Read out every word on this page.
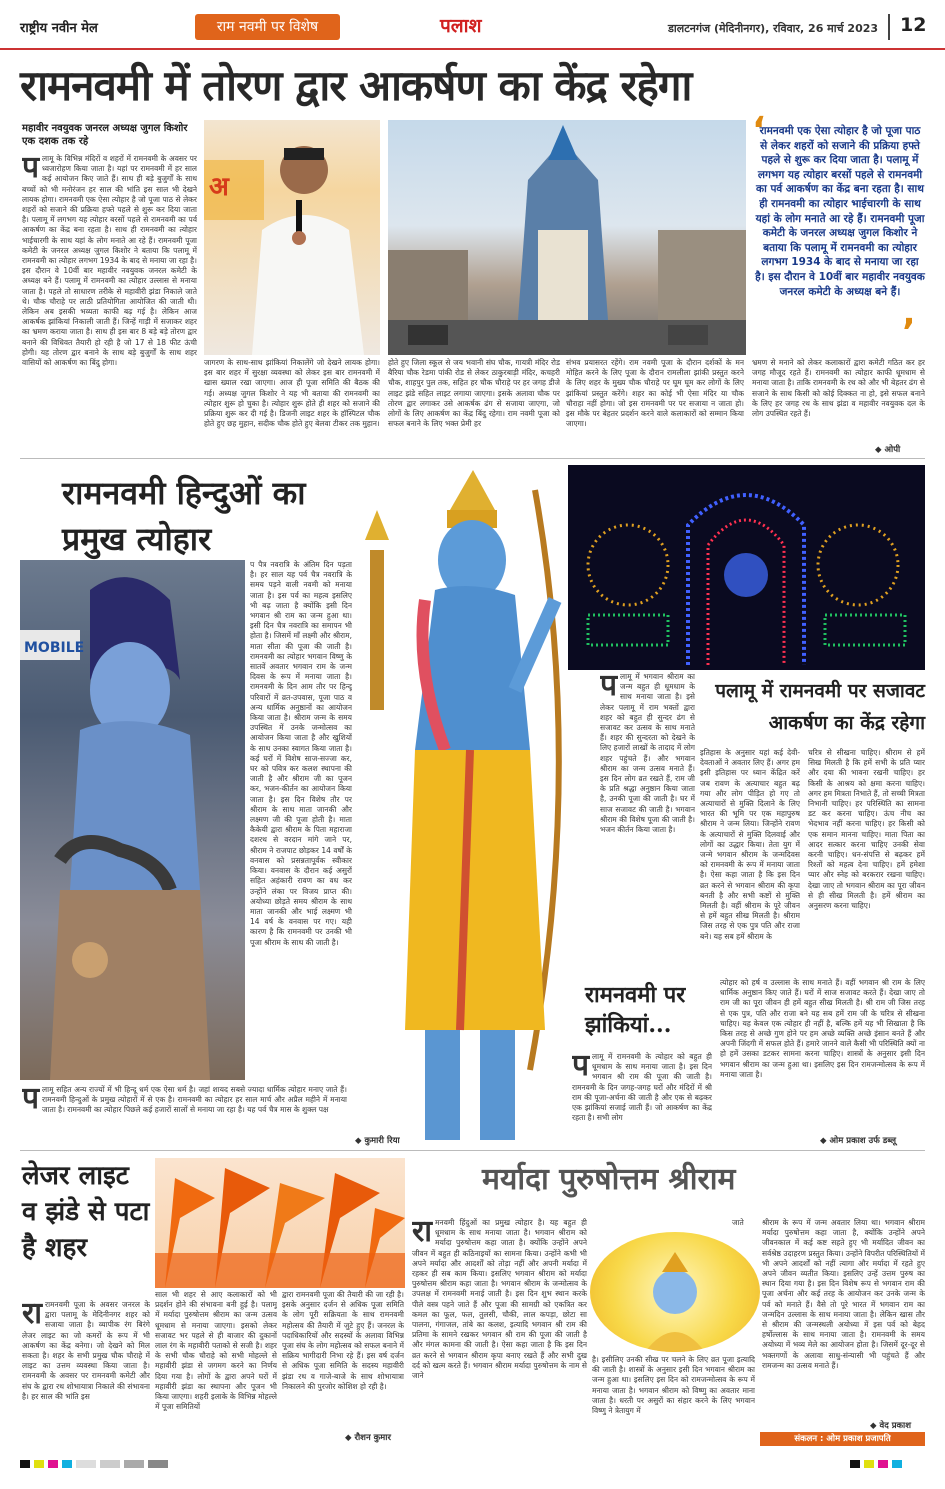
राष्ट्रीय नवीन मेल	राम नवमी पर विशेष	पलाश	डालटनगंज (मेदिनीनगर), रविवार, 26 मार्च 2023	12
रामनवमी में तोरण द्वार आकर्षण का केंद्र रहेगा
महावीर नवयुवक जनरल अध्यक्ष जुगल किशोर एक दशक तक रहे
पलामू के विभिन्न मंदिरों व शहरों में रामनवमी के अवसर पर ध्वजारोहण किया जाता है। यहां पर रामनवमी में हर साल कई आयोजन किए जाते हैं। साथ ही बड़े बुजुर्गों के साथ बच्चों को भी मनोरंजन हर साल की भांति इस साल भी देखने लायक होगा। रामनवमी एक ऐसा त्योहार है जो पूजा पाठ से लेकर शहरों को सजाने की प्रक्रिया हफ्ते पहले से शुरू कर दिया जाता है। पलामू में लगभग यह त्योहार बरसों पहले से रामनवमी का पर्व आकर्षण का केंद्र बना रहता है। साथ ही रामनवमी का त्योहार भाईचारगी के साथ यहां के लोग मनाते आ रहे हैं। रामनवमी पूजा कमेटी के जनरल अध्यक्ष जुगल किशोर ने बताया कि पलामू में रामनवमी का त्योहार लगभग 1934 के बाद से मनाया जा रहा है। इस दौरान वे 10वीं बार महावीर नवयुवक जनरल कमेटी के अध्यक्ष बने हैं। पलामू में रामनवमी का त्योहार उल्लास से मनाया जाता है। पहले तो साधारण तरीके से महावीरी झंडा निकाले जाते थे। चौक चौराहे पर लाठी प्रतियोगिता आयोजित की जाती थी। लेकिन अब इसकी भव्यता काफी बढ़ गई है। लेकिन आज आकर्षक झांकियां निकाली जाती हैं। जिन्हें गाड़ी में सजाकर शहर का भ्रमण कराया जाता है। साथ ही इस बार 8 बड़े बड़े तोरण द्वार बनाने की विधिवत तैयारी हो रही है जो 17 से 18 फीट ऊंची होगी। यह तोरण द्वार बनाने के साथ बड़े बुजुर्गों के साथ शहर वासियों को आकर्षण का बिंदु होगा।
अ
जागरण के साथ-साथ झांकियां निकालेंगे जो देखने लायक होगा। इस बार शहर में सुरक्षा व्यवस्था को लेकर इस बार रामनवमी में खास ख्याल रखा जाएगा। आज ही पूजा समिति की बैठक की गई। अध्यक्ष जुगल किशोर ने यह भी बताया की रामनवमी का त्योहार शुरू हो चुका है। त्योहार शुरू होते ही शहर को सजाने की प्रक्रिया शुरू कर दी गई है। डिजनी लाइट शहर के हॉस्पिटल चौक होते हुए छह मुहान, सदीक चौक होते हुए बेलवा टीकर तक मुहान।
होते हुए जिला स्कूल से जय भवानी संघ चौक, गायत्री मंदिर रोड बैरिया चौक रेडमा पांकी रोड से लेकर ठाकुरबाड़ी मंदिर, कचहरी चौक, शाहपुर पुल तक, सहित हर चौक चौराहे पर हर जगह डीजे लाइट झंडे सहित लाइट लगाया जाएगा। इसके अलावा चौक पर तोरण द्वार लगाकर उसे आकर्षक ढंग से सजाया जाएगा, जो लोगों के लिए आकर्षण का केंद्र बिंदु रहेगा। राम नवमी पूजा को सफल बनाने के लिए भक्त प्रेमी हर
संभव प्रयासरत रहेंगे। राम नवमी पूजा के दौरान दर्शकों के मन मोहित करने के लिए पूजा के दौरान रामलीला झांकी प्रस्तुत करने के लिए शहर के मुख्य चौक चौराहे पर घूम घूम कर लोगों के लिए झांकियां प्रस्तुत करेंगे। शहर का कोई भी ऐसा मंदिर या चौक चौराहा नहीं होगा। जो इस रामनवमी पर पर सजाया न जाता हो। इस मौके पर बेहतर प्रदर्शन करने वाले कलाकारों को सम्मान किया जाएगा।
‘
रामनवमी एक ऐसा त्योहार है जो पूजा पाठ से लेकर शहरों को सजाने की प्रक्रिया हफ्ते पहले से शुरू कर दिया जाता है। पलामू में लगभग यह त्योहार बरसों पहले से रामनवमी का पर्व आकर्षण का केंद्र बना रहता है। साथ ही रामनवमी का त्योहार भाईचारगी के साथ यहां के लोग मनाते आ रहे हैं। रामनवमी पूजा कमेटी के जनरल अध्यक्ष जुगल किशोर ने बताया कि पलामू में रामनवमी का त्योहार लगभग 1934 के बाद से मनाया जा रहा है। इस दौरान वे 10वीं बार महावीर नवयुवक जनरल कमेटी के अध्यक्ष बने हैं।
’
भ्रमण से मनाने को लेकर कलाकारों द्वारा कमेटी गठित कर हर जगह मौजूद रहते हैं। रामनवमी का त्योहार काफी धूमधाम से मनाया जाता है। ताकि रामनवमी के रथ को और भी बेहतर ढंग से सजाने के साथ किसी को कोई दिक्कत ना हो, इसे सफल बनाने के लिए हर जगह रथ के साथ झंडा व महावीर नवयुवक दल के लोग उपस्थित रहते हैं।
◆ ओपी
रामनवमी हिन्दुओं का प्रमुख त्योहार
MOBILE
प पैत्र नवरात्रि के अंतिम दिन पड़ता है। हर साल यह पर्व चैत्र नवरात्रि के समय पड़ने वाली नवमी को मनाया जाता है। इस पर्व का महत्व इसलिए भी बढ़ जाता है क्योंकि इसी दिन भगवान श्री राम का जन्म हुआ था। इसी दिन चैत्र नवरात्रि का समापन भी होता है। जिसमें माँ लक्ष्मी और श्रीराम, माता सीता की पूजा की जाती है। रामनवमी का त्योहार भगवान विष्णु के सातवें अवतार भगवान राम के जन्म दिवस के रूप में मनाया जाता है। रामनवमी के दिन आम तौर पर हिन्दू परिवारों में व्रत-उपवास, पूजा पाठ व अन्य धार्मिक अनुष्ठानों का आयोजन किया जाता है। श्रीराम जन्म के समय उपस्थित में उनके जन्मोत्सव का आयोजन किया जाता है और खुशियों के साथ उनका स्वागत किया जाता है। कई घरों में विशेष साज-सज्जा कर, घर को पवित्र कर कलश स्थापना की जाती है और श्रीराम जी का पूजन कर, भजन-कीर्तन का आयोजन किया जाता है। इस दिन विशेष तौर पर श्रीराम के साथ माता जानकी और लक्ष्मण जी की पूजा होती है। माता कैकेयी द्वारा श्रीराम के पिता महाराजा दशरथ से वरदान मांगे जाने पर, श्रीराम ने राजपाट छोड़कर 14 वर्षों के वनवास को प्रसन्नतापूर्वक स्वीकार किया। वनवास के दौरान कई असुरों सहित अहंकारी रावण का वध कर उन्होंने लंका पर विजय प्राप्त की। अयोध्या छोड़ते समय श्रीराम के साथ माता जानकी और भाई लक्ष्मण भी 14 वर्ष के वनवास पर गए। यही कारण है कि रामनवमी पर उनकी भी पूजा श्रीराम के साथ की जाती है।
पलामू में रामनवमी पर सजावट आकर्षण का केंद्र रहेगा
पलामू में भगवान श्रीराम का जन्म बहुत ही धूमधाम के साथ मनाया जाता है। इसे लेकर पलामू में राम भक्तों द्वारा शहर को बहुत ही सुन्दर ढंग से सजावट कर उत्सव के साथ मनाते हैं। शहर की सुन्दरता को देखने के लिए हजारों लाखों के तादाद में लोग शहर पहुंचते हैं। और भगवान श्रीराम का जन्म उत्सव मनाते हैं। इस दिन लोग व्रत रखते हैं, राम जी के प्रति श्रद्धा अनुष्ठान किया जाता है, उनकी पूजा की जाती है। घर में साज सजावट की जाती है। भगवान श्रीराम की विशेष पूजा की जाती है। भजन कीर्तन किया जाता है।
इतिहास के अनुसार यहां कई देवी-देवताओं ने अवतार लिए हैं। अगर हम इसी इतिहास पर ध्यान केंद्रित करें जब रावण के अत्याचार बहुत बढ़ गया और लोग पीड़ित हो गए तो अत्याचारों से मुक्ति दिलाने के लिए भारत की भूमि पर एक महापुरुष श्रीराम ने जन्म लिया। जिन्होंने रावण के अत्याचारों से मुक्ति दिलवाई और लोगों का उद्धार किया। तेता युग में जन्मे भगवान श्रीराम के जन्मदिवस को रामनवमी के रूप में मनाया जाता है। ऐसा कहा जाता है कि इस दिन व्रत करने से भगवान श्रीराम की कृपा बनती है और सभी कष्टों से मुक्ति मिलती है। वहीं श्रीराम के पूरे जीवन से हमें बहुत सीख मिलती है। श्रीराम जिस तरह से एक पुत्र पति और राजा बने। यह सब हमें श्रीराम के
चरित्र से सीखना चाहिए। श्रीराम से हमें सिख मिलती है कि हमें सभी के प्रति प्यार और दया की भावना रखनी चाहिए। हर किसी के आश्रय को क्षमा करना चाहिए। अगर हम मित्रता निभाते हैं, तो सच्ची मित्रता निभानी चाहिए। हर परिस्थिति का सामना डट कर करना चाहिए। ऊंच नीच का भेदभाव नहीं करना चाहिए। हर किसी को एक समान मानना चाहिए। माता पिता का आदर सत्कार करना चाहिए उनकी सेवा करनी चाहिए। धन-संपत्ति से बढ़कर हमें रिश्तों को महत्व देना चाहिए। हमें हमेशा प्यार और स्नेह को बरकरार रखना चाहिए। देखा जाए तो भगवान श्रीराम का पूरा जीवन से ही सीख मिलती है। हमें श्रीराम का अनुसरण करना चाहिए।
रामनवमी पर झांकियां...
पलामू में रामनवमी के त्योहार को बहुत ही धूमधाम के साथ मनाया जाता है। इस दिन भगवान श्री राम की पूजा की जाती है। रामनवमी के दिन जगह-जगह घरों और मंदिरों में श्री राम की पूजा-अर्चना की जाती है और एक से बढ़कर एक झांकियां सजाई जाती हैं। जो आकर्षण का केंद्र रहता है। सभी लोग
त्योहार को हर्ष व उल्लास के साथ मनाते हैं। वहीं भगवान श्री राम के लिए धार्मिक अनुष्ठान किए जाते हैं। घरों में साज सजावट करते हैं। देखा जाए तो राम जी का पूरा जीवन ही हमें बहुत सीख मिलती है। श्री राम जी जिस तरह से एक पुत्र, पति और राजा बने यह सब हमें राम जी के चरित्र से सीखना चाहिए। यह केवल एक त्योहार ही नहीं है, बल्कि हमें यह भी सिखाता है कि किस तरह से अच्छे गुण होने पर हम अच्छे व्यक्ति अच्छे इंसान बनते हैं और अपनी जिंदगी में सफल होते हैं। हमारे जानने वाले कैसी भी परिस्थिति क्यों ना हो हमें उसका डटकर सामना करना चाहिए। शास्त्रों के अनुसार इसी दिन भगवान श्रीराम का जन्म हुआ था। इसलिए इस दिन रामजन्मोत्सव के रूप में मनाया जाता है।
◆ ओम प्रकाश उर्फ डब्लू
पलामू सहित अन्य राज्यों में भी हिन्दू धर्म एक ऐसा धर्म है। जहां शायद सबसे ज्यादा धार्मिक त्योहार मनाए जाते हैं। रामनवमी हिन्दुओं के प्रमुख त्योहारों में से एक है। रामनवमी का त्योहार हर साल मार्च और अप्रैल महीने में मनाया जाता है। रामनवमी का त्योहार पिछले कई हजारों सालों से मनाया जा रहा है। यह पर्व चैत्र मास के शुक्ल पक्ष
◆ कुमारी रिया
लेजर लाइट व झंडे से पटा है शहर
रारामनवमी पूजा के अवसर जनरल के द्वारा पलामू के मेदिनीनगर शहर को सजाया जाता है। व्यापीक रंग बिरंगे लेजर लाइट का जो कमरों के रूप में भी आकर्षण का केंद्र बनेगा। जो देखने को मिल सकता है। शहर के सभी प्रमुख चौक चौराहे में लाइट का उत्तम व्यवस्था किया जाता है। रामनवमी के अवसर पर रामनवमी कमेटी और संघ के द्वारा रथ शोभायात्रा निकाले की संभावना है। हर साल की भांति इस
साल भी शहर से आए कलाकारों को भी प्रदर्शन होने की संभावना बनी हुई है। पलामू में मर्यादा पुरुषोत्तम श्रीराम का जन्म उत्सव धूमधाम से मनाया जाएगा। इसको लेकर सजावट भर पहले से ही बाजार की दुकानों लाल रंग के महावीरी पताको से सजी है। शहर के सभी चौक चौराहे को सभी मोहल्ले से महावीरी झंडा से जगमग करने का निर्णय दिया गया है। लोगों के द्वारा अपने घरों में महावीरी झंडा का स्थापना और पूजन भी किया जाएगा। शहरी इलाके के विभिन्न मोहल्ले में पूजा समितियों
द्वारा रामनवमी पूजा की तैयारी की जा रही है। इसके अनुसार दर्जन से अधिक पूजा समिति के लोग पूरी सक्रियता के साथ रामनवमी महोत्सव की तैयारी में जुटे हुए हैं। जनरल के पदाधिकारियों और सदस्यों के अलावा विभिन्न पूजा संघ के लोग महोत्सव को सफल बनाने में सक्रिय भागीदारी निभा रहे हैं। इस वर्ष दर्जन से अधिक पूजा समिति के सदस्य महावीरी झंडा रथ व गाजे-बाजे के साथ शोभायात्रा निकालने की पुरजोर कोशिश हो रही है।
◆ रौशन कुमार
मर्यादा पुरुषोत्तम श्रीराम
रामनवमी हिंदुओं का प्रमुख त्योहार है। यह बहुत ही धूमधाम के साथ मनाया जाता है। भगवान श्रीराम को मर्यादा पुरुषोत्तम कहा जाता है। क्योंकि उन्होंने अपने जीवन में बहुत ही कठिनाइयों का सामना किया। उन्होंने कभी भी अपने मर्यादा और आदर्शों को तोड़ा नहीं और अपनी मर्यादा में रहकर ही सब काम किया। इसलिए भगवान श्रीराम को मर्यादा पुरुषोत्तम श्रीराम कहा जाता है। भगवान श्रीराम के जन्मोत्सव के उपलक्ष में रामनवमी मनाई जाती है। इस दिन शुभ स्थान करके पीले वस्त्र पहने जाते हैं और पूजा की सामग्री को एकत्रित कर कमल का फूल, फल, तुलसी, चौकी, लाल कपड़ा, छोटा सा पालना, गंगाजल, तांबे का कलश, इत्यादि भगवान श्री राम की प्रतिमा के सामने रखकर भगवान श्री राम की पूजा की जाती है और मंगल कामना की जाती है। ऐसा कहा जाता है कि इस दिन व्रत करने से भगवान श्रीराम कृपा बनाए रखते हैं और सभी दुख दर्द को खत्म करते हैं। भगवान श्रीराम मर्यादा पुरुषोत्तम के नाम से जाने
जाते
है। इसीलिए उनकी सीख पर चलने के लिए व्रत पूजा इत्यादि की जाती है। शास्त्रों के अनुसार इसी दिन भगवान श्रीराम का जन्म हुआ था। इसलिए इस दिन को रामजन्मोत्सव के रूप में मनाया जाता है। भगवान श्रीराम को विष्णु का अवतार माना जाता है। धरती पर असुरों का संहार करने के लिए भगवान विष्णु ने त्रेतायुग में
श्रीराम के रूप में जन्म अवतार लिया था। भगवान श्रीराम मर्यादा पुरुषोत्तम कहा जाता है, क्योंकि उन्होंने अपने जीवनकाल में कई कष्ट सहते हुए भी मर्यादित जीवन का सर्वश्रेष्ठ उदाहरण प्रस्तुत किया। उन्होंने विपरीत परिस्थितियों में भी अपने आदर्शों को नहीं त्यागा और मर्यादा में रहते हुए अपने जीवन व्यतीत किया। इसलिए उन्हें उत्तम पुरुष का स्थान दिया गया है। इस दिन विशेष रूप से भगवान राम की पूजा अर्चना और कई तरह के आयोजन कर उनके जन्म के पर्व को मनाते हैं। वैसे तो पूरे भारत में भगवान राम का जन्मदिन उल्लास के साथ मनाया जाता है। लेकिन खास तौर से श्रीराम की जन्मस्थली अयोध्या में इस पर्व को बेहद हर्षोल्लास के साथ मनाया जाता है। रामनवमी के समय अयोध्या में भव्य मेले का आयोजन होता है। जिसमें दूर-दूर से भक्तगणों के अलावा साधु-संन्यासी भी पहुंचते हैं और रामजन्म का उत्सव मनाते हैं।
◆ वेद प्रकाश
संकलन : ओम प्रकाश प्रजापति
